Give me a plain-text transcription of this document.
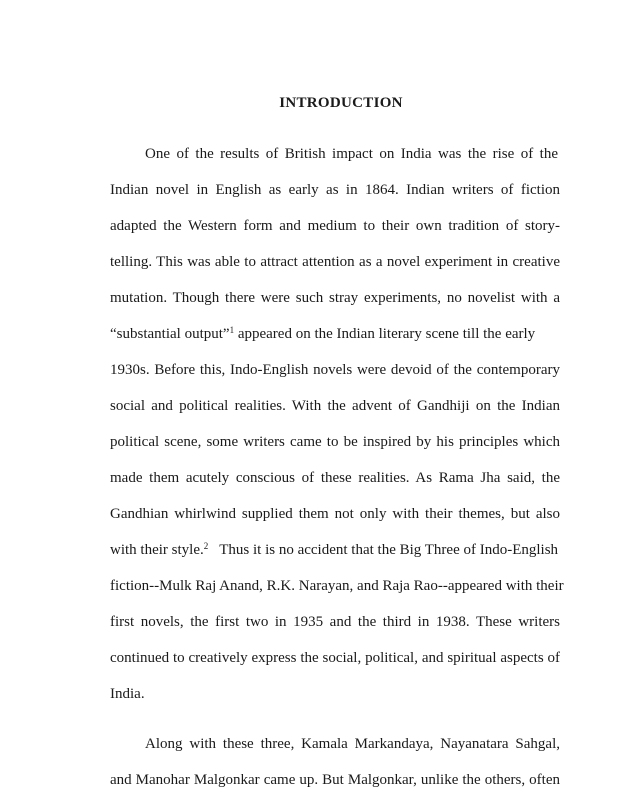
INTRODUCTION
One of the results of British impact on India was the rise of the
Indian novel in English as early as in 1864. Indian writers of fiction
adapted the Western form and medium to their own tradition of story-
telling. This was able to attract attention as a novel experiment in creative
mutation. Though there were such stray experiments, no novelist with a
“substantial output”$^1$ appeared on the Indian literary scene till the early
1930s. Before this, Indo-English novels were devoid of the contemporary
social and political realities. With the advent of Gandhiji on the Indian
political scene, some writers came to be inspired by his principles which
made them acutely conscious of these realities. As Rama Jha said, the
Gandhian whirlwind supplied them not only with their themes, but also
with their style.$^2$ Thus it is no accident that the Big Three of Indo-English
fiction--Mulk Raj Anand, R.K. Narayan, and Raja Rao--appeared with their
first novels, the first two in 1935 and the third in 1938. These writers
continued to creatively express the social, political, and spiritual aspects of
India.
Along with these three, Kamala Markandaya, Nayanatara Sahgal,
and Manohar Malgonkar came up. But Malgonkar, unlike the others, often
